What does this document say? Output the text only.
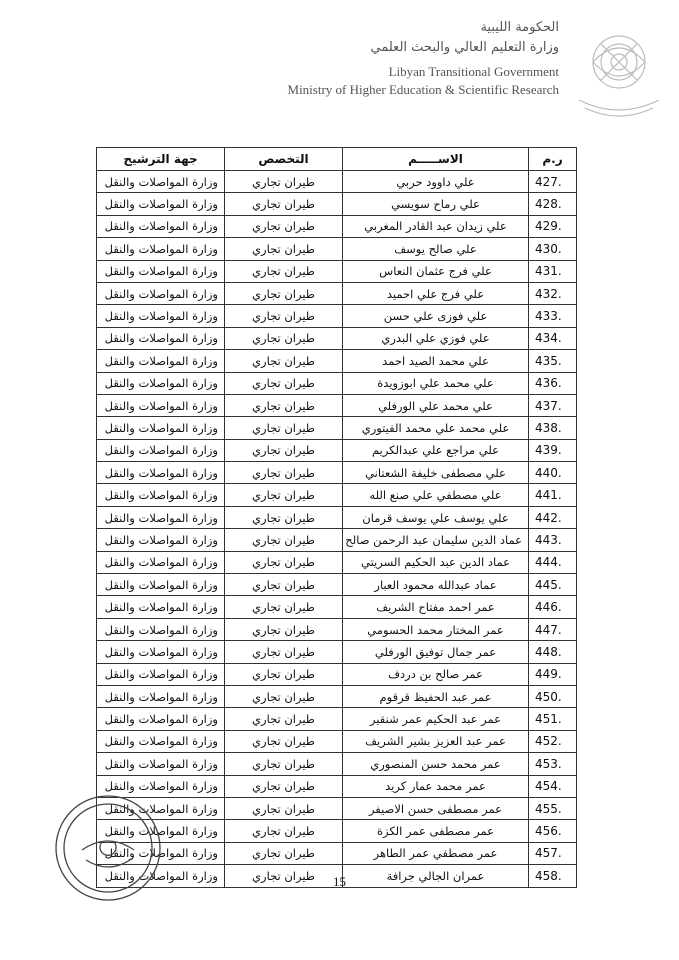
الحكومة الليبية
وزارة التعليم العالي والبحث العلمي
Libyan Transitional Government
Ministry of Higher Education & Scientific Research
ر.م	الاســـــم	التخصص	جهة الترشيح
427.	علي داوود حربي	طيران تجاري	وزارة المواصلات والنقل
428.	علي رماح سويسي	طيران تجاري	وزارة المواصلات والنقل
429.	علي زيدان عبد القادر المغربي	طيران تجاري	وزارة المواصلات والنقل
430.	علي صالح يوسف	طيران تجاري	وزارة المواصلات والنقل
431.	علي فرج عثمان النعاس	طيران تجاري	وزارة المواصلات والنقل
432.	علي فرج علي احميد	طيران تجاري	وزارة المواصلات والنقل
433.	علي فوزى علي حسن	طيران تجاري	وزارة المواصلات والنقل
434.	علي فوزي علي البدري	طيران تجاري	وزارة المواصلات والنقل
435.	علي محمد الصيد احمد	طيران تجاري	وزارة المواصلات والنقل
436.	علي محمد علي ابوزويدة	طيران تجاري	وزارة المواصلات والنقل
437.	علي محمد علي الورفلي	طيران تجاري	وزارة المواصلات والنقل
438.	علي محمد علي محمد الفيتوري	طيران تجاري	وزارة المواصلات والنقل
439.	علي مراجع علي عبدالكريم	طيران تجاري	وزارة المواصلات والنقل
440.	علي مصطفى خليفة الشعتاني	طيران تجاري	وزارة المواصلات والنقل
441.	علي مصطفي علي صنع الله	طيران تجاري	وزارة المواصلات والنقل
442.	علي يوسف علي يوسف قرمان	طيران تجاري	وزارة المواصلات والنقل
443.	عماد الدين سليمان عبد الرحمن صالح	طيران تجاري	وزارة المواصلات والنقل
444.	عماد الدين عبد الحكيم السريتي	طيران تجاري	وزارة المواصلات والنقل
445.	عماد عبدالله محمود العبار	طيران تجاري	وزارة المواصلات والنقل
446.	عمر احمد مفتاح الشريف	طيران تجاري	وزارة المواصلات والنقل
447.	عمر المختار محمد الحسومي	طيران تجاري	وزارة المواصلات والنقل
448.	عمر جمال توفيق الورفلي	طيران تجاري	وزارة المواصلات والنقل
449.	عمر صالح بن دردف	طيران تجاري	وزارة المواصلات والنقل
450.	عمر عبد الحفيظ قرقوم	طيران تجاري	وزارة المواصلات والنقل
451.	عمر عبد الحكيم عمر شنقير	طيران تجاري	وزارة المواصلات والنقل
452.	عمر عبد العزيز بشير الشريف	طيران تجاري	وزارة المواصلات والنقل
453.	عمر محمد حسن المنصوري	طيران تجاري	وزارة المواصلات والنقل
454.	عمر محمد عمار كريد	طيران تجاري	وزارة المواصلات والنقل
455.	عمر مصطفى حسن الاصيفر	طيران تجاري	وزارة المواصلات والنقل
456.	عمر مصطفى عمر الكزة	طيران تجاري	وزارة المواصلات والنقل
457.	عمر مصطفي عمر الطاهر	طيران تجاري	وزارة المواصلات والنقل
458.	عمران الجالي جرافة	طيران تجاري	وزارة المواصلات والنقل	15
